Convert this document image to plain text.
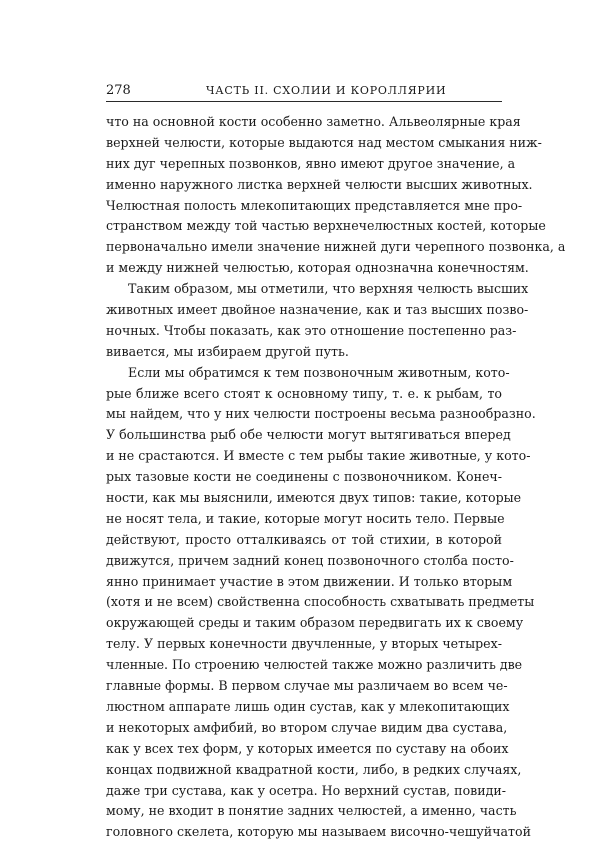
278	ЧАСТЬ II. СХОЛИИ И КОРОЛЛЯРИИ
что на основной кости особенно заметно. Альвеолярные края
верхней челюсти, которые выдаются над местом смыкания ниж-
них дуг черепных позвонков, явно имеют другое значение, а
именно наружного листка верхней челюсти высших животных.
Челюстная полость млекопитающих представляется мне про-
странством между той частью верхнечелюстных костей, которые
первоначально имели значение нижней дуги черепного позвонка, а
и между нижней челюстью, которая однозначна конечностям.
Таким образом, мы отметили, что верхняя челюсть высших
животных имеет двойное назначение, как и таз высших позво-
ночных. Чтобы показать, как это отношение постепенно раз-
вивается, мы избираем другой путь.
Если мы обратимся к тем позвоночным животным, кото-
рые ближе всего стоят к основному типу, т. е. к рыбам, то
мы найдем, что у них челюсти построены весьма разнообразно.
У большинства рыб обе челюсти могут вытягиваться вперед
и не срастаются. И вместе с тем рыбы такие животные, у кото-
рых тазовые кости не соединены с позвоночником. Конеч-
ности, как мы выяснили, имеются двух типов: такие, которые
не носят тела, и такие, которые могут носить тело. Первые
действуют, просто отталкиваясь от той стихии, в которой
движутся, причем задний конец позвоночного столба посто-
янно принимает участие в этом движении. И только вторым
(хотя и не всем) свойственна способность схватывать предметы
окружающей среды и таким образом передвигать их к своему
телу. У первых конечности двучленные, у вторых четырех-
членные. По строению челюстей также можно различить две
главные формы. В первом случае мы различаем во всем че-
люстном аппарате лишь один сустав, как у млекопитающих
и некоторых амфибий, во втором случае видим два сустава,
как у всех тех форм, у которых имеется по суставу на обоих
концах подвижной квадратной кости, либо, в редких случаях,
даже три сустава, как у осетра. Но верхний сустав, повиди-
мому, не входит в понятие задних челюстей, а именно, часть
головного скелета, которую мы называем височно-чешуйчатой
